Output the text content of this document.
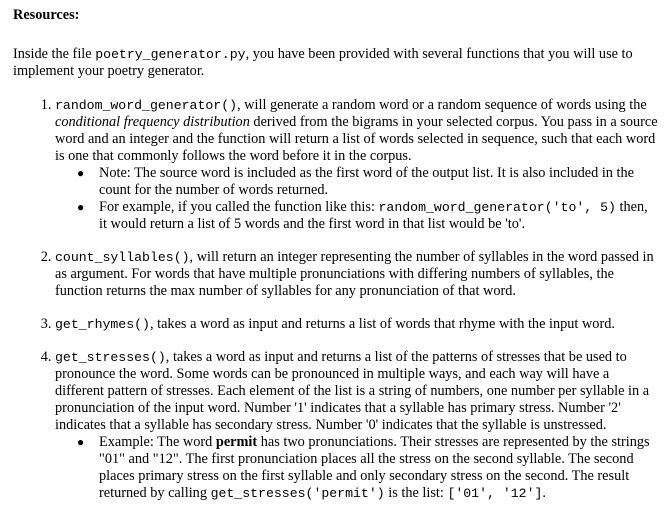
Resources:

Inside the file poetry_generator.py, you have been provided with several functions that you will use to implement your poetry generator.

1. random_word_generator(), will generate a random word or a random sequence of words using the conditional frequency distribution derived from the bigrams in your selected corpus. You pass in a source word and an integer and the function will return a list of words selected in sequence, such that each word is one that commonly follows the word before it in the corpus.
● Note: The source word is included as the first word of the output list. It is also included in the count for the number of words returned.
● For example, if you called the function like this: random_word_generator('to', 5) then, it would return a list of 5 words and the first word in that list would be 'to'.
2. count_syllables(), will return an integer representing the number of syllables in the word passed in as argument. For words that have multiple pronunciations with differing numbers of syllables, the function returns the max number of syllables for any pronunciation of that word.
3. get_rhymes(), takes a word as input and returns a list of words that rhyme with the input word.
4. get_stresses(), takes a word as input and returns a list of the patterns of stresses that be used to pronounce the word. Some words can be pronounced in multiple ways, and each way will have a different pattern of stresses. Each element of the list is a string of numbers, one number per syllable in a pronunciation of the input word. Number '1' indicates that a syllable has primary stress. Number '2' indicates that a syllable has secondary stress. Number '0' indicates that the syllable is unstressed.
● Example: The word permit has two pronunciations. Their stresses are represented by the strings "01" and "12". The first pronunciation places all the stress on the second syllable. The second places primary stress on the first syllable and only secondary stress on the second. The result returned by calling get_stresses('permit') is the list: ['01', '12'].
